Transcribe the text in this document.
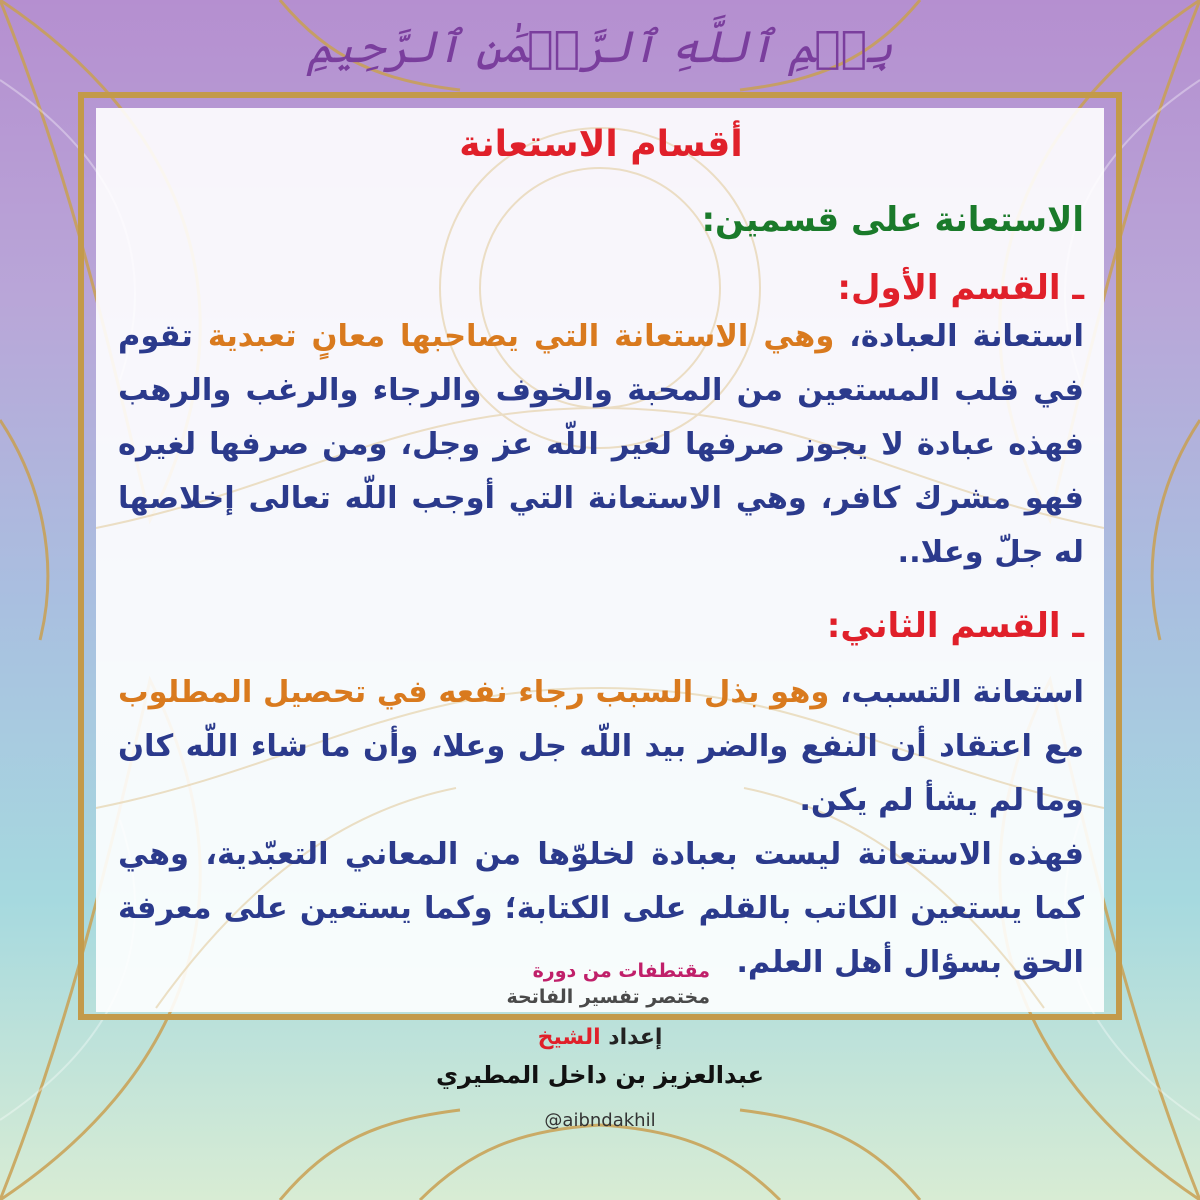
بِسۡمِ ٱللَّهِ ٱلرَّحۡمَٰنِ ٱلرَّحِيمِ
أقسام الاستعانة
الاستعانة على قسمين:
ـ القسم الأول:
استعانة العبادة، وهي الاستعانة التي يصاحبها معانٍ تعبدية تقوم في قلب المستعين من المحبة والخوف والرجاء والرغب والرهب فهذه عبادة لا يجوز صرفها لغير اللّه عز وجل، ومن صرفها لغيره فهو مشرك كافر، وهي الاستعانة التي أوجب اللّه تعالى إخلاصها له جلّ وعلا..
ـ القسم الثاني:
استعانة التسبب، وهو بذل السبب رجاء نفعه في تحصيل المطلوب مع اعتقاد أن النفع والضر بيد اللّه جل وعلا، وأن ما شاء اللّه كان وما لم يشأ لم يكن.
فهذه الاستعانة ليست بعبادة لخلوّها من المعاني التعبّدية، وهي كما يستعين الكاتب بالقلم على الكتابة؛ وكما يستعين على معرفة الحق بسؤال أهل العلم.
مقتطفات من دورة
مختصر تفسير الفاتحة
إعداد الشيخ
عبدالعزيز بن داخل المطيري
@aibndakhil
